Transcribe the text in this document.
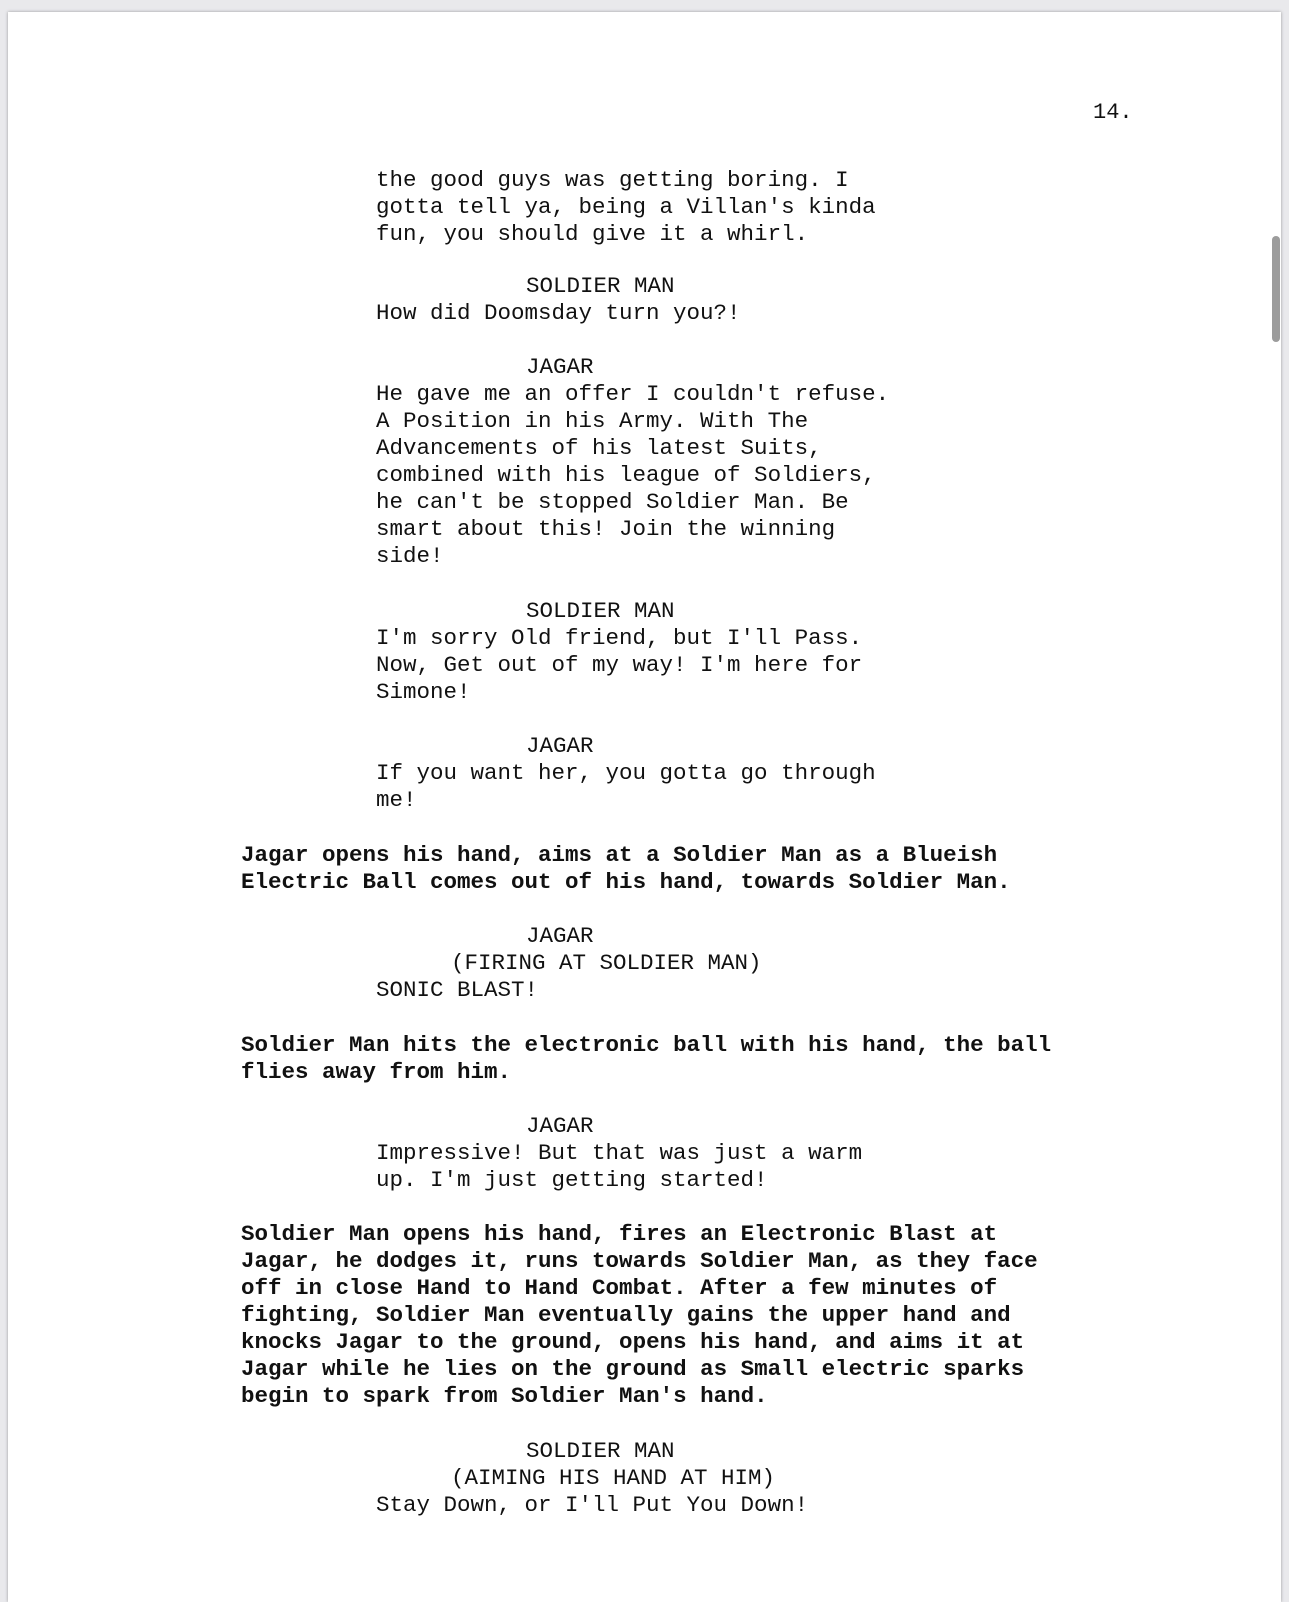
14.
the good guys was getting boring. I
gotta tell ya, being a Villan's kinda
fun, you should give it a whirl.
SOLDIER MAN
How did Doomsday turn you?!
JAGAR
He gave me an offer I couldn't refuse.
A Position in his Army. With The
Advancements of his latest Suits,
combined with his league of Soldiers,
he can't be stopped Soldier Man. Be
smart about this! Join the winning
side!
SOLDIER MAN
I'm sorry Old friend, but I'll Pass.
Now, Get out of my way! I'm here for
Simone!
JAGAR
If you want her, you gotta go through
me!
Jagar opens his hand, aims at a Soldier Man as a Blueish
Electric Ball comes out of his hand, towards Soldier Man.
JAGAR
(FIRING AT SOLDIER MAN)
SONIC BLAST!
Soldier Man hits the electronic ball with his hand, the ball
flies away from him.
JAGAR
Impressive! But that was just a warm
up. I'm just getting started!
Soldier Man opens his hand, fires an Electronic Blast at
Jagar, he dodges it, runs towards Soldier Man, as they face
off in close Hand to Hand Combat. After a few minutes of
fighting, Soldier Man eventually gains the upper hand and
knocks Jagar to the ground, opens his hand, and aims it at
Jagar while he lies on the ground as Small electric sparks
begin to spark from Soldier Man's hand.
SOLDIER MAN
(AIMING HIS HAND AT HIM)
Stay Down, or I'll Put You Down!
